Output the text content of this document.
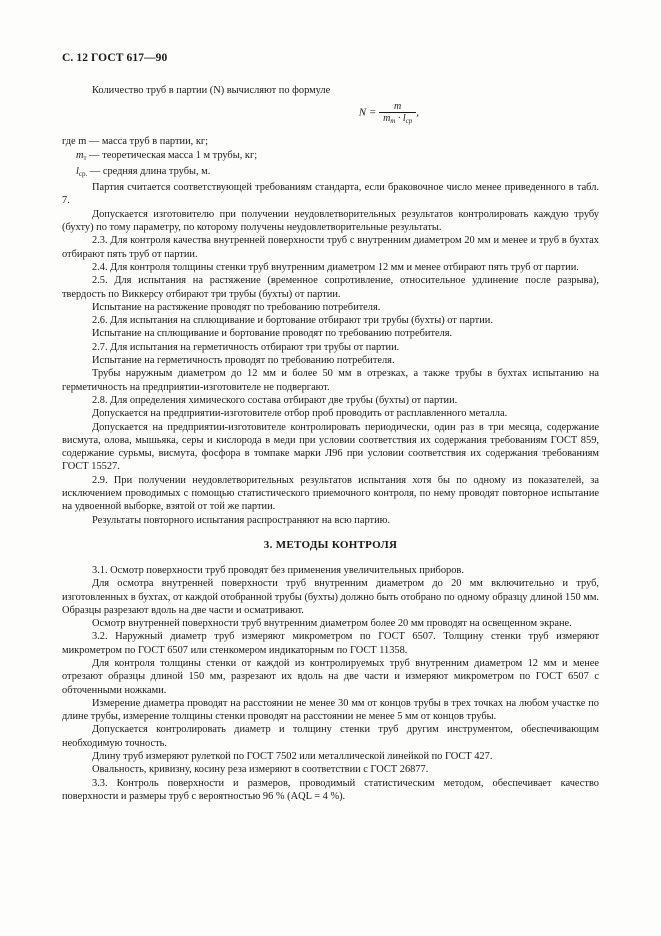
С. 12 ГОСТ 617—90

Количество труб в партии (N) вычисляют по формуле

$N = \frac{m}{m_т \cdot l_{ср}}$ ,
где m — масса труб в партии, кг;
$m_т$ — теоретическая масса 1 м трубы, кг;
$l_{ср.}$ — средняя длина трубы, м.

Партия считается соответствующей требованиям стандарта, если браковочное число менее приведенного в табл. 7.

Допускается изготовителю при получении неудовлетворительных результатов контролировать каждую трубу (бухту) по тому параметру, по которому получены неудовлетворительные результаты.

2.3. Для контроля качества внутренней поверхности труб с внутренним диаметром 20 мм и менее и труб в бухтах отбирают пять труб от партии.

2.4. Для контроля толщины стенки труб внутренним диаметром 12 мм и менее отбирают пять труб от партии.

2.5. Для испытания на растяжение (временное сопротивление, относительное удлинение после разрыва), твердость по Виккерсу отбирают три трубы (бухты) от партии.

Испытание на растяжение проводят по требованию потребителя.

2.6. Для испытания на сплющивание и бортование отбирают три трубы (бухты) от партии.

Испытание на сплющивание и бортование проводят по требованию потребителя.

2.7. Для испытания на герметичность отбирают три трубы от партии.

Испытание на герметичность проводят по требованию потребителя.

Трубы наружным диаметром до 12 мм и более 50 мм в отрезках, а также трубы в бухтах испытанию на герметичность на предприятии-изготовителе не подвергают.

2.8. Для определения химического состава отбирают две трубы (бухты) от партии.

Допускается на предприятии-изготовителе отбор проб проводить от расплавленного металла.

Допускается на предприятии-изготовителе контролировать периодически, один раз в три месяца, содержание висмута, олова, мышьяка, серы и кислорода в меди при условии соответствия их содержания требованиям ГОСТ 859, содержание сурьмы, висмута, фосфора в томпаке марки Л96 при условии соответствия их содержания требованиям ГОСТ 15527.

2.9. При получении неудовлетворительных результатов испытания хотя бы по одному из показателей, за исключением проводимых с помощью статистического приемочного контроля, по нему проводят повторное испытание на удвоенной выборке, взятой от той же партии.

Результаты повторного испытания распространяют на всю партию.

3. МЕТОДЫ КОНТРОЛЯ

3.1. Осмотр поверхности труб проводят без применения увеличительных приборов.

Для осмотра внутренней поверхности труб внутренним диаметром до 20 мм включительно и труб, изготовленных в бухтах, от каждой отобранной трубы (бухты) должно быть отобрано по одному образцу длиной 150 мм. Образцы разрезают вдоль на две части и осматривают.

Осмотр внутренней поверхности труб внутренним диаметром более 20 мм проводят на освещенном экране.

3.2. Наружный диаметр труб измеряют микрометром по ГОСТ 6507. Толщину стенки труб измеряют микрометром по ГОСТ 6507 или стенкомером индикаторным по ГОСТ 11358.

Для контроля толщины стенки от каждой из контролируемых труб внутренним диаметром 12 мм и менее отрезают образцы длиной 150 мм, разрезают их вдоль на две части и измеряют микрометром по ГОСТ 6507 с обточенными ножками.

Измерение диаметра проводят на расстоянии не менее 30 мм от концов трубы в трех точках на любом участке по длине трубы, измерение толщины стенки проводят на расстоянии не менее 5 мм от концов трубы.

Допускается контролировать диаметр и толщину стенки труб другим инструментом, обеспечивающим необходимую точность.

Длину труб измеряют рулеткой по ГОСТ 7502 или металлической линейкой по ГОСТ 427.

Овальность, кривизну, косину реза измеряют в соответствии с ГОСТ 26877.

3.3. Контроль поверхности и размеров, проводимый статистическим методом, обеспечивает качество поверхности и размеры труб с вероятностью 96 % (AQL = 4 %).
